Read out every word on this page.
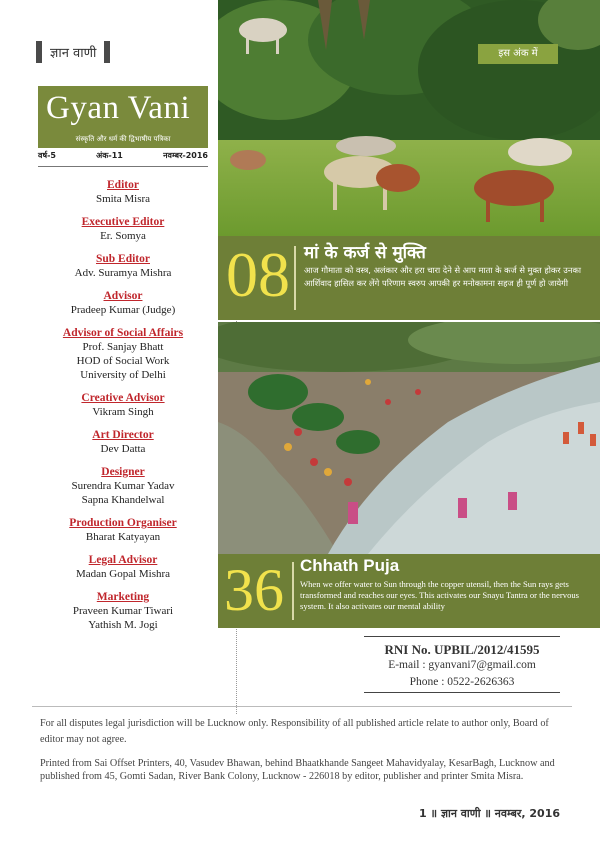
ज्ञान वाणी
Gyan Vani
संस्कृति और धर्म की द्विभाषीय पत्रिका
वर्ष-5	अंक-11	नवम्बर-2016
Editor
Smita Misra
Executive Editor
Er. Somya
Sub Editor
Adv. Suramya Mishra
Advisor
Pradeep Kumar (Judge)
Advisor of Social Affairs
Prof. Sanjay Bhatt
HOD of Social Work
University of Delhi
Creative Advisor
Vikram Singh
Art Director
Dev Datta
Designer
Surendra Kumar Yadav
Sapna Khandelwal
Production Organiser
Bharat Katyayan
Legal Advisor
Madan Gopal Mishra
Marketing
Praveen Kumar Tiwari
Yathish M. Jogi
इस अंक में
08 मां के कर्ज से मुक्ति
आज गौमाता को वस्त्र, अलंकार और हरा चारा देने से आप माता के कर्ज से मुक्त होकर उनका आर्शिवाद हासिल कर लेंगे परिणाम स्वरुप आपकी हर मनोकामना सहज ही पूर्ण हो जायेगी
36 Chhath Puja
When we offer water to Sun through the copper utensil, then the Sun rays gets transformed and reaches our eyes. This activates our Snayu Tantra or the nervous system. It also activates our mental ability
RNI No. UPBIL/2012/41595
E-mail : gyanvani7@gmail.com
Phone : 0522-2626363
For all disputes legal jurisdiction will be Lucknow only. Responsibility of all published article relate to author only, Board of editor may not agree.
Printed from Sai Offset Printers, 40, Vasudev Bhawan, behind Bhaatkhande Sangeet Mahavidyalay, KesarBagh, Lucknow and published from 45, Gomti Sadan, River Bank Colony, Lucknow - 226018 by editor, publisher and printer Smita Misra.
1 ॥ ज्ञान वाणी ॥ नवम्बर, 2016
